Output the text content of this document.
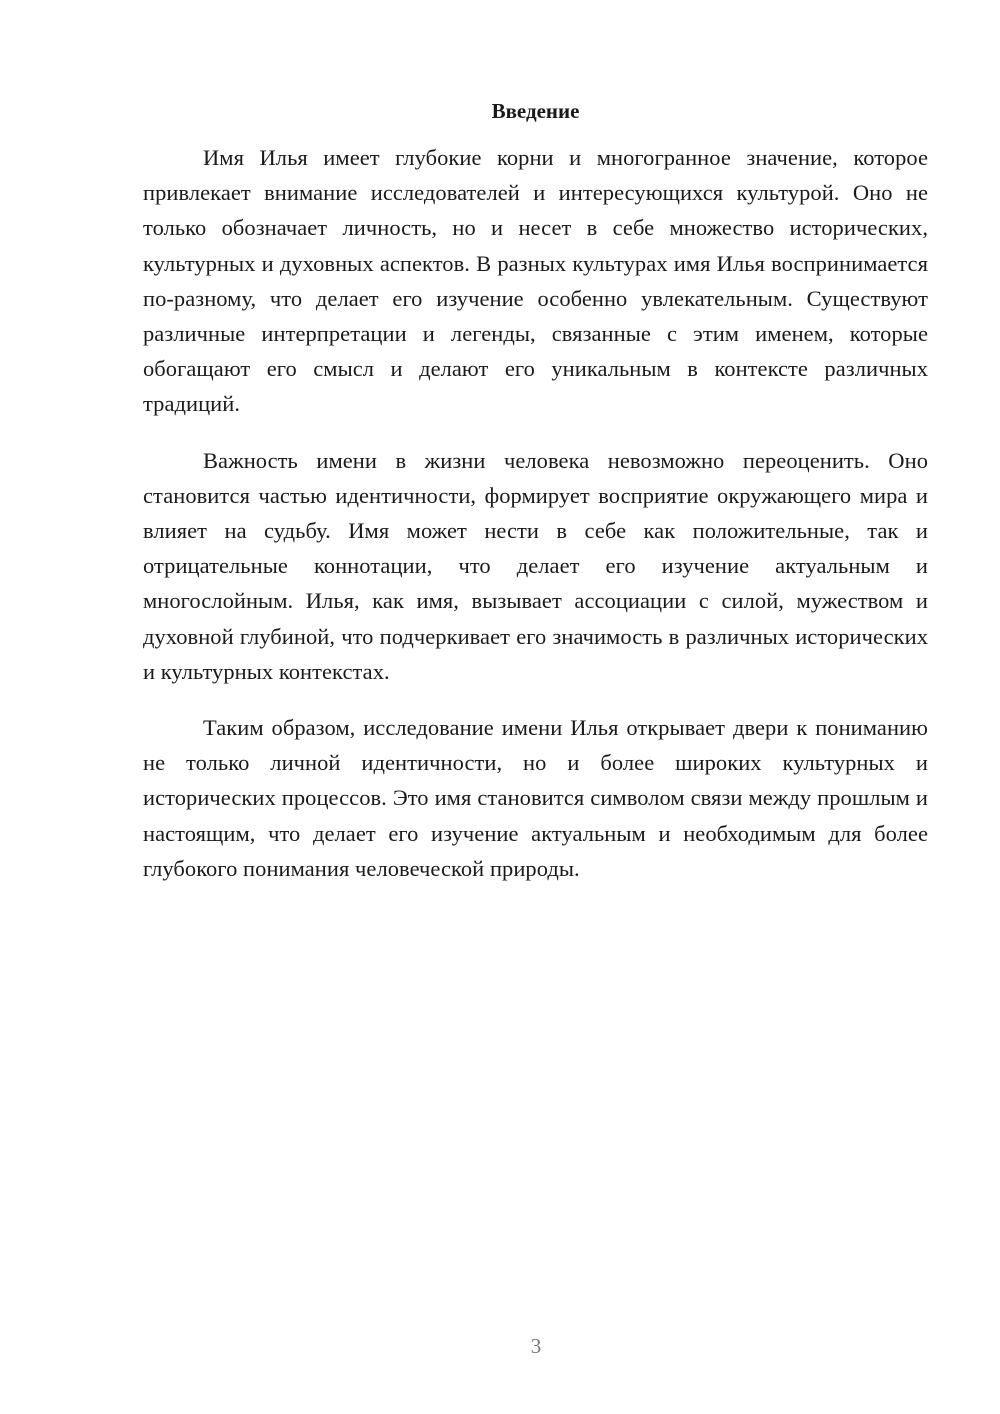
Введение

Имя Илья имеет глубокие корни и многогранное значение, которое привлекает внимание исследователей и интересующихся культурой. Оно не только обозначает личность, но и несет в себе множество исторических, культурных и духовных аспектов. В разных культурах имя Илья воспринимается по-разному, что делает его изучение особенно увлекательным. Существуют различные интерпретации и легенды, связанные с этим именем, которые обогащают его смысл и делают его уникальным в контексте различных традиций.

Важность имени в жизни человека невозможно переоценить. Оно становится частью идентичности, формирует восприятие окружающего мира и влияет на судьбу. Имя может нести в себе как положительные, так и отрицательные коннотации, что делает его изучение актуальным и многослойным. Илья, как имя, вызывает ассоциации с силой, мужеством и духовной глубиной, что подчеркивает его значимость в различных исторических и культурных контекстах.

Таким образом, исследование имени Илья открывает двери к пониманию не только личной идентичности, но и более широких культурных и исторических процессов. Это имя становится символом связи между прошлым и настоящим, что делает его изучение актуальным и необходимым для более глубокого понимания человеческой природы.

3
